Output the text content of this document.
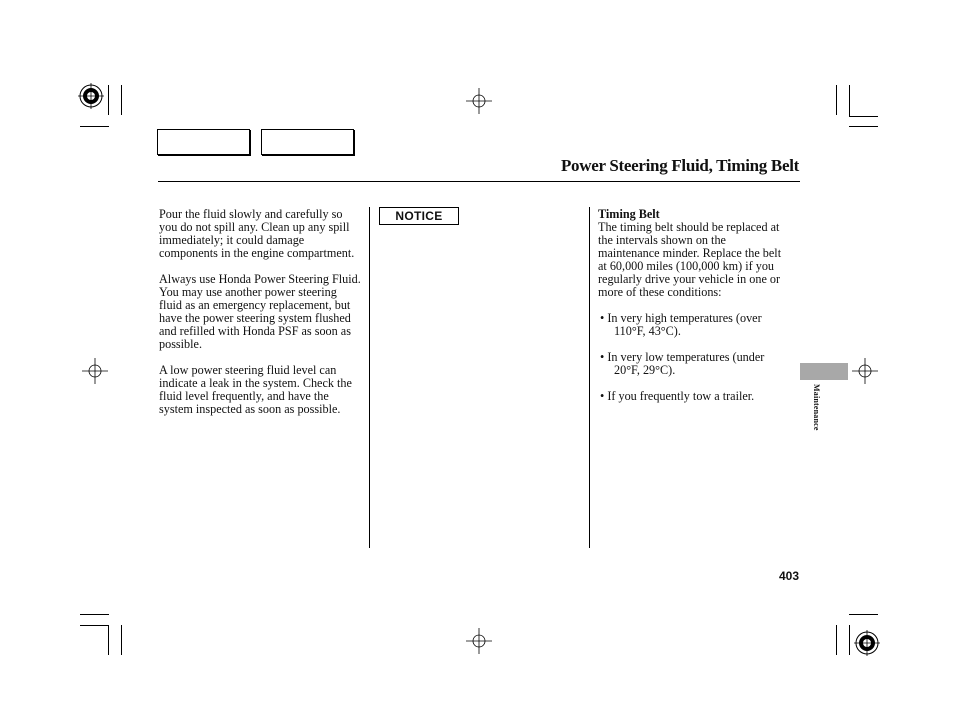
Power Steering Fluid, Timing Belt

Pour the fluid slowly and carefully so you do not spill any. Clean up any spill immediately; it could damage components in the engine compartment.

Always use Honda Power Steering Fluid. You may use another power steering fluid as an emergency replacement, but have the power steering system flushed and refilled with Honda PSF as soon as possible.

A low power steering fluid level can indicate a leak in the system. Check the fluid level frequently, and have the system inspected as soon as possible.

NOTICE	Timing Belt

The timing belt should be replaced at the intervals shown on the maintenance minder. Replace the belt at 60,000 miles (100,000 km) if you regularly drive your vehicle in one or more of these conditions:

• In very high temperatures (over 110°F, 43°C).
• In very low temperatures (under 20°F, 29°C).
• If you frequently tow a trailer.	Maintenance
403
